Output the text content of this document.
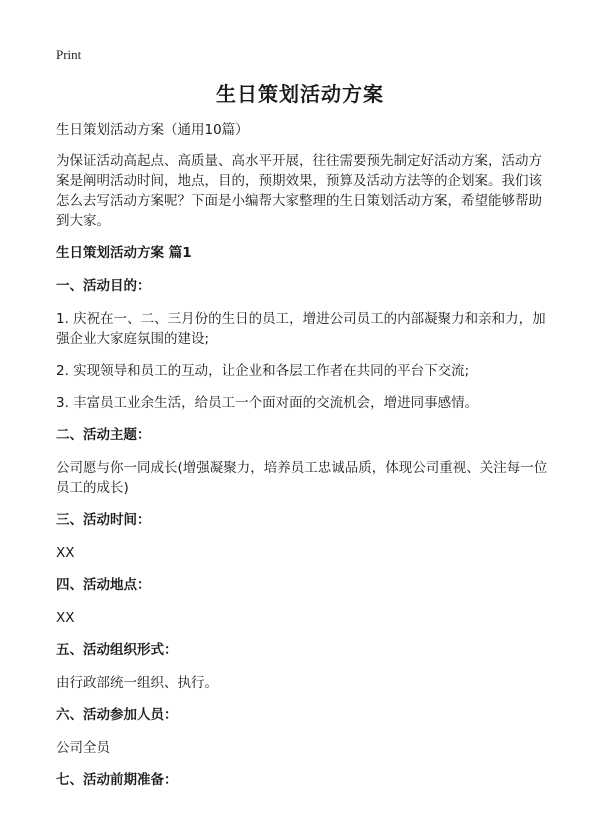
Print
生日策划活动方案

生日策划活动方案（通用10篇）

为保证活动高起点、高质量、高水平开展，往往需要预先制定好活动方案，活动方案是阐明活动时间，地点，目的，预期效果，预算及活动方法等的企划案。我们该怎么去写活动方案呢？下面是小编帮大家整理的生日策划活动方案，希望能够帮助到大家。

生日策划活动方案 篇1

一、活动目的：

1. 庆祝在一、二、三月份的生日的员工，增进公司员工的内部凝聚力和亲和力，加强企业大家庭氛围的建设;

2. 实现领导和员工的互动，让企业和各层工作者在共同的平台下交流;

3. 丰富员工业余生活，给员工一个面对面的交流机会，增进同事感情。

二、活动主题：

公司愿与你一同成长(增强凝聚力，培养员工忠诚品质，体现公司重视、关注每一位员工的成长)

三、活动时间：

XX

四、活动地点：

XX

五、活动组织形式：

由行政部统一组织、执行。

六、活动参加人员：

公司全员

七、活动前期准备：
